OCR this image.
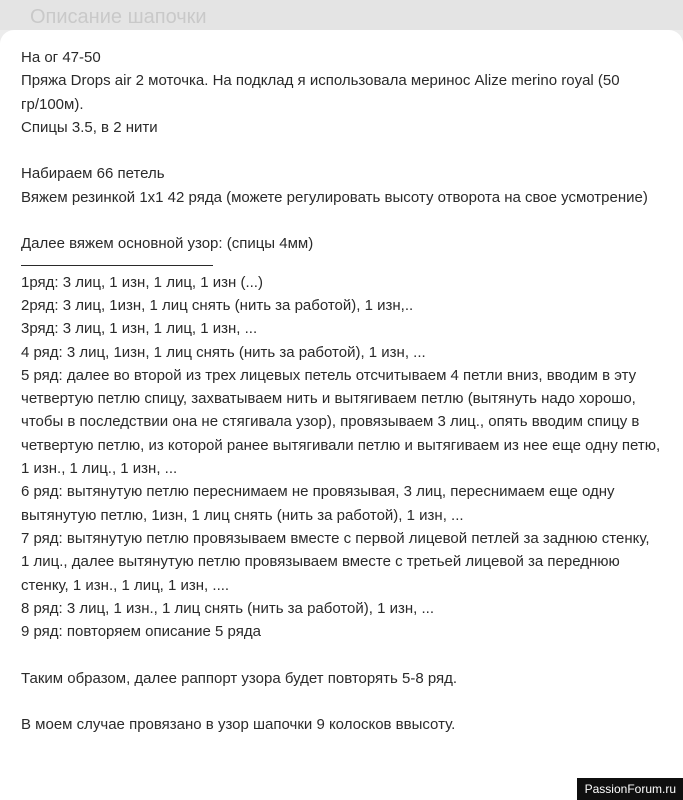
Описание шапочки
На ог 47-50
Пряжа Drops air 2 моточка. На подклад я использовала меринос Alize merino royal (50 гр/100м).
Спицы 3.5, в 2 нити
Набираем 66 петель
Вяжем резинкой 1х1 42 ряда (можете регулировать высоту отворота на свое усмотрение)
Далее вяжем основной узор: (спицы 4мм)
1ряд: 3 лиц, 1 изн, 1 лиц, 1 изн (...)
2ряд: 3 лиц, 1изн, 1 лиц снять (нить за работой), 1 изн,..
3ряд: 3 лиц, 1 изн, 1 лиц, 1 изн, ...
4 ряд: 3 лиц, 1изн, 1 лиц снять (нить за работой), 1 изн, ...
5 ряд: далее во второй из трех лицевых петель отсчитываем 4 петли вниз, вводим в эту четвертую петлю спицу, захватываем нить и вытягиваем петлю (вытянуть надо хорошо, чтобы в последствии она не стягивала узор), провязываем 3 лиц., опять вводим спицу в четвертую петлю, из которой ранее вытягивали петлю и вытягиваем из нее еще одну петю, 1 изн., 1 лиц., 1 изн, ...
6 ряд: вытянутую петлю переснимаем не провязывая, 3 лиц, переснимаем еще одну вытянутую петлю, 1изн, 1 лиц снять (нить за работой), 1 изн, ...
7 ряд: вытянутую петлю провязываем вместе с первой лицевой петлей за заднюю стенку, 1 лиц., далее вытянутую петлю провязываем вместе с третьей лицевой за переднюю стенку, 1 изн., 1 лиц, 1 изн, ....
8 ряд: 3 лиц, 1 изн., 1 лиц снять (нить за работой), 1 изн, ...
9 ряд: повторяем описание 5 ряда
Таким образом, далее раппорт узора будет повторять 5-8 ряд.
В моем случае провязано в узор шапочки 9 колосков ввысоту.
PassionForum.ru
